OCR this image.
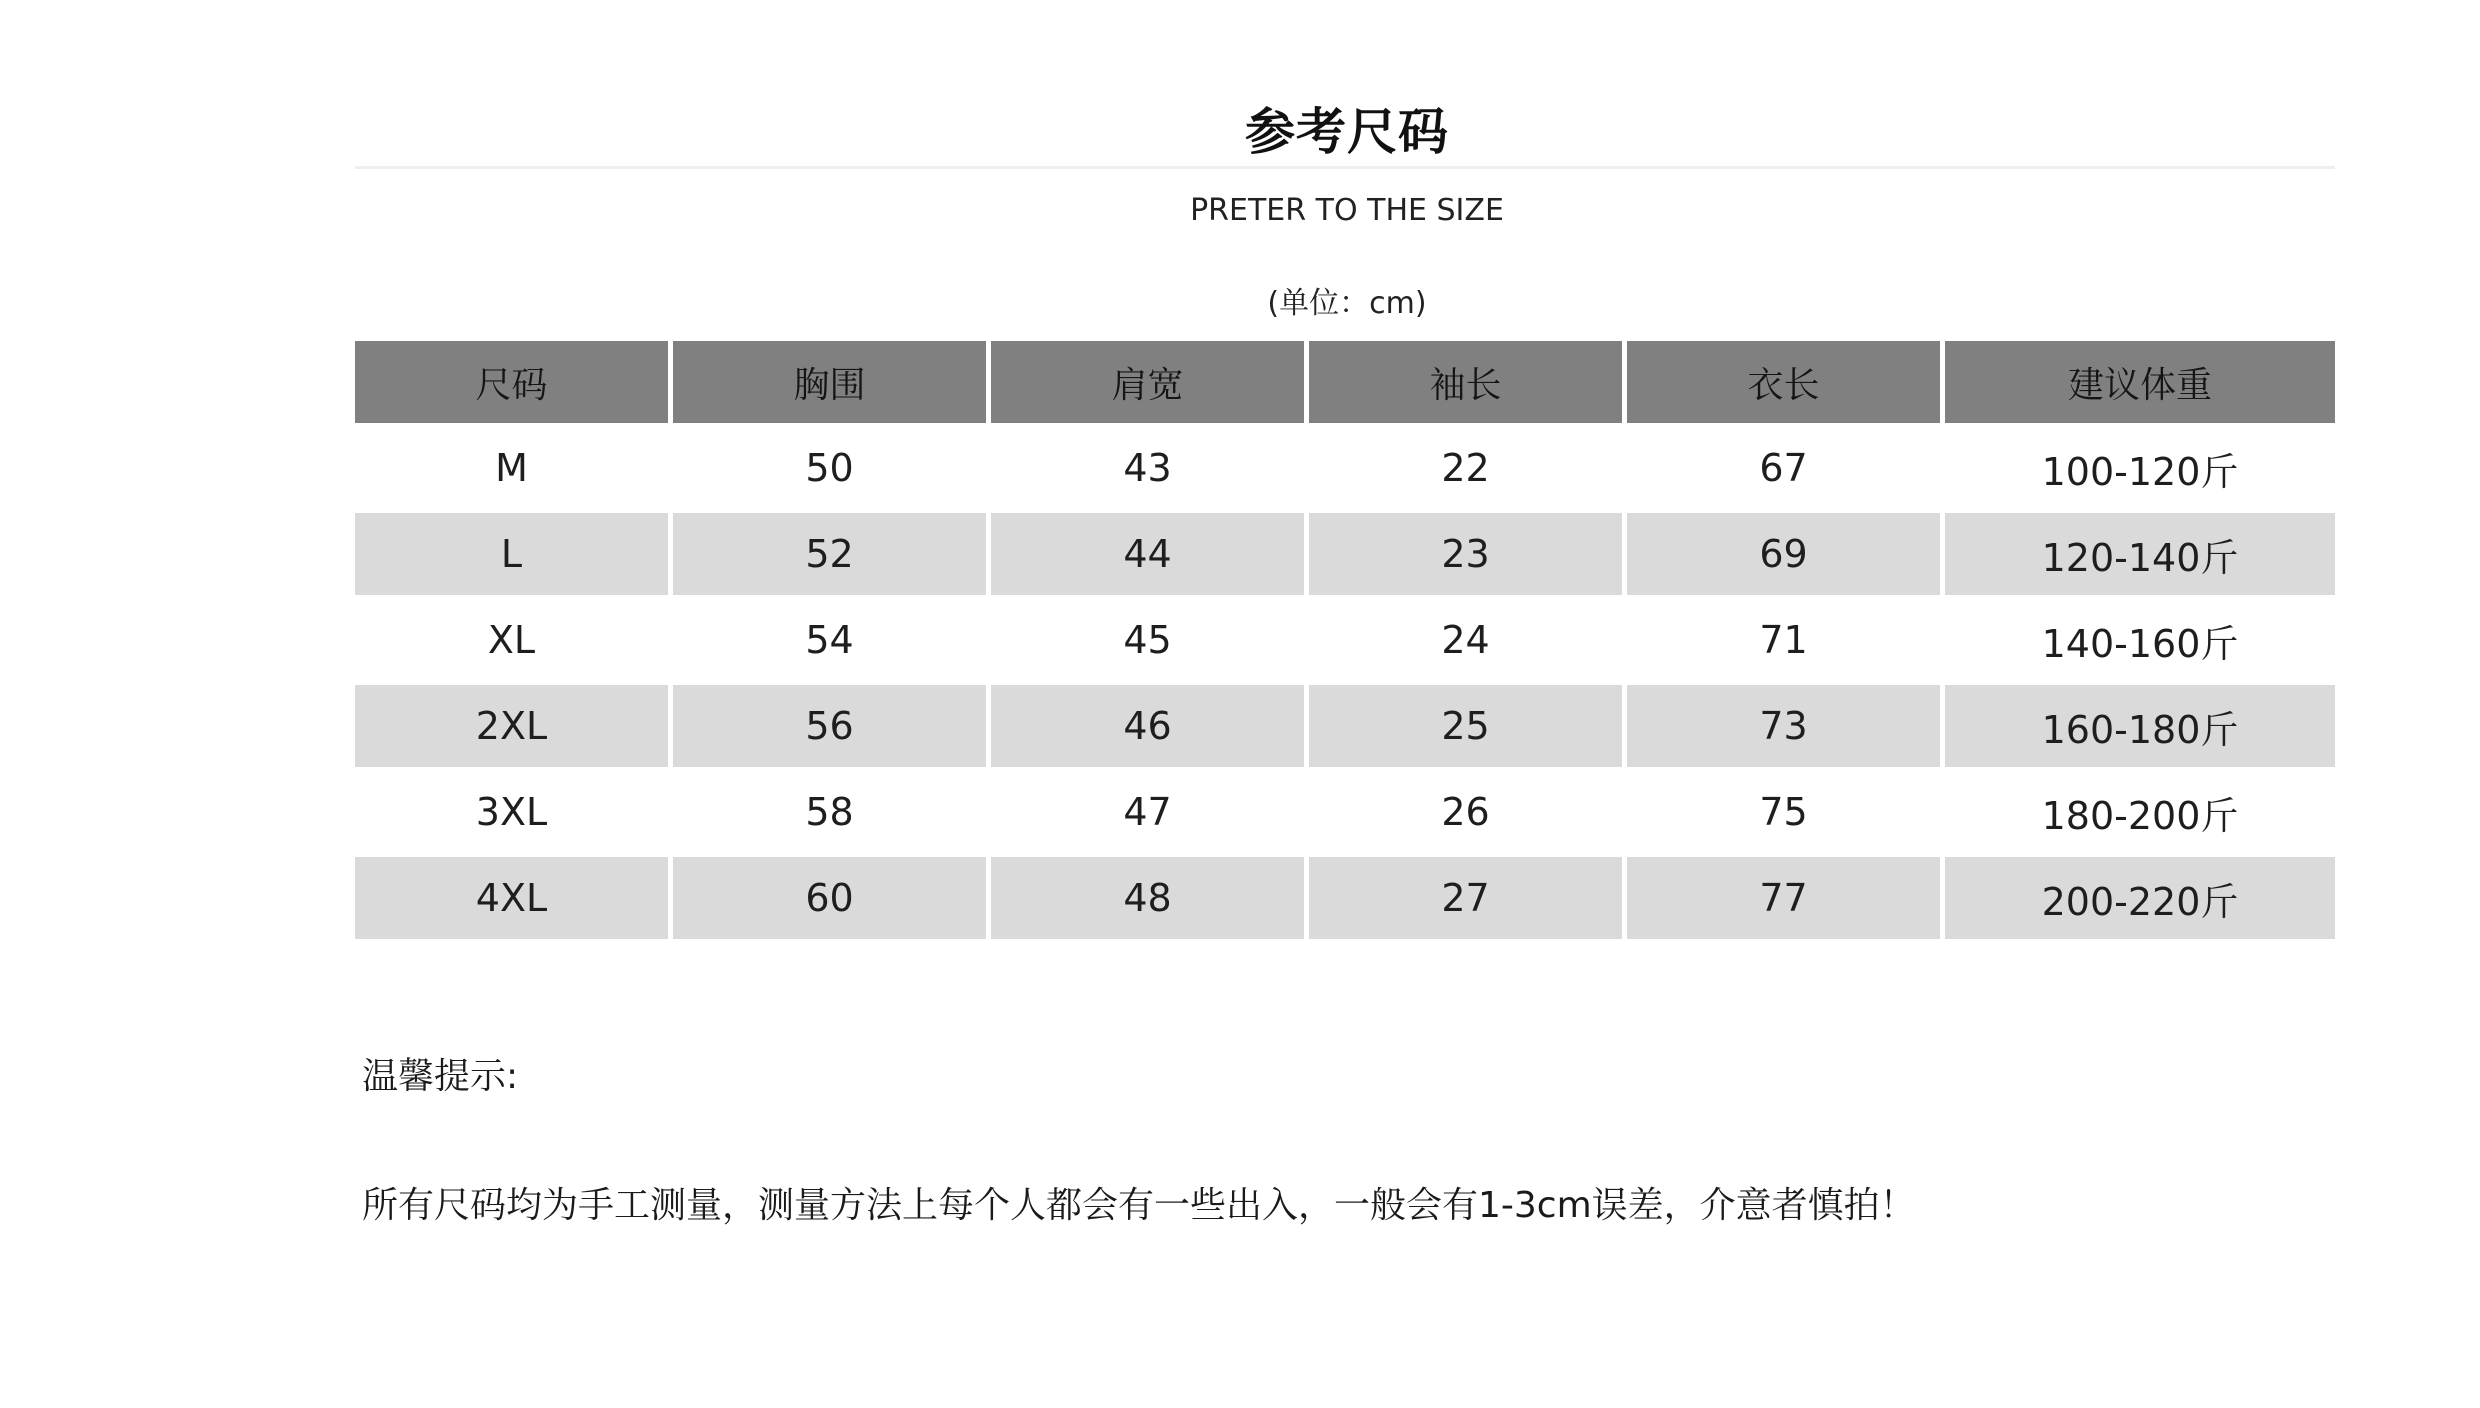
参考尺码
PRETER TO THE SIZE
(单位：cm)
尺码	胸围	肩宽	袖长	衣长	建议体重
M	50	43	22	67	100-120斤
L	52	44	23	69	120-140斤
XL	54	45	24	71	140-160斤
2XL	56	46	25	73	160-180斤
3XL	58	47	26	75	180-200斤
4XL	60	48	27	77	200-220斤
温馨提示:
所有尺码均为手工测量，测量方法上每个人都会有一些出入，一般会有1-3cm误差，介意者慎拍！
